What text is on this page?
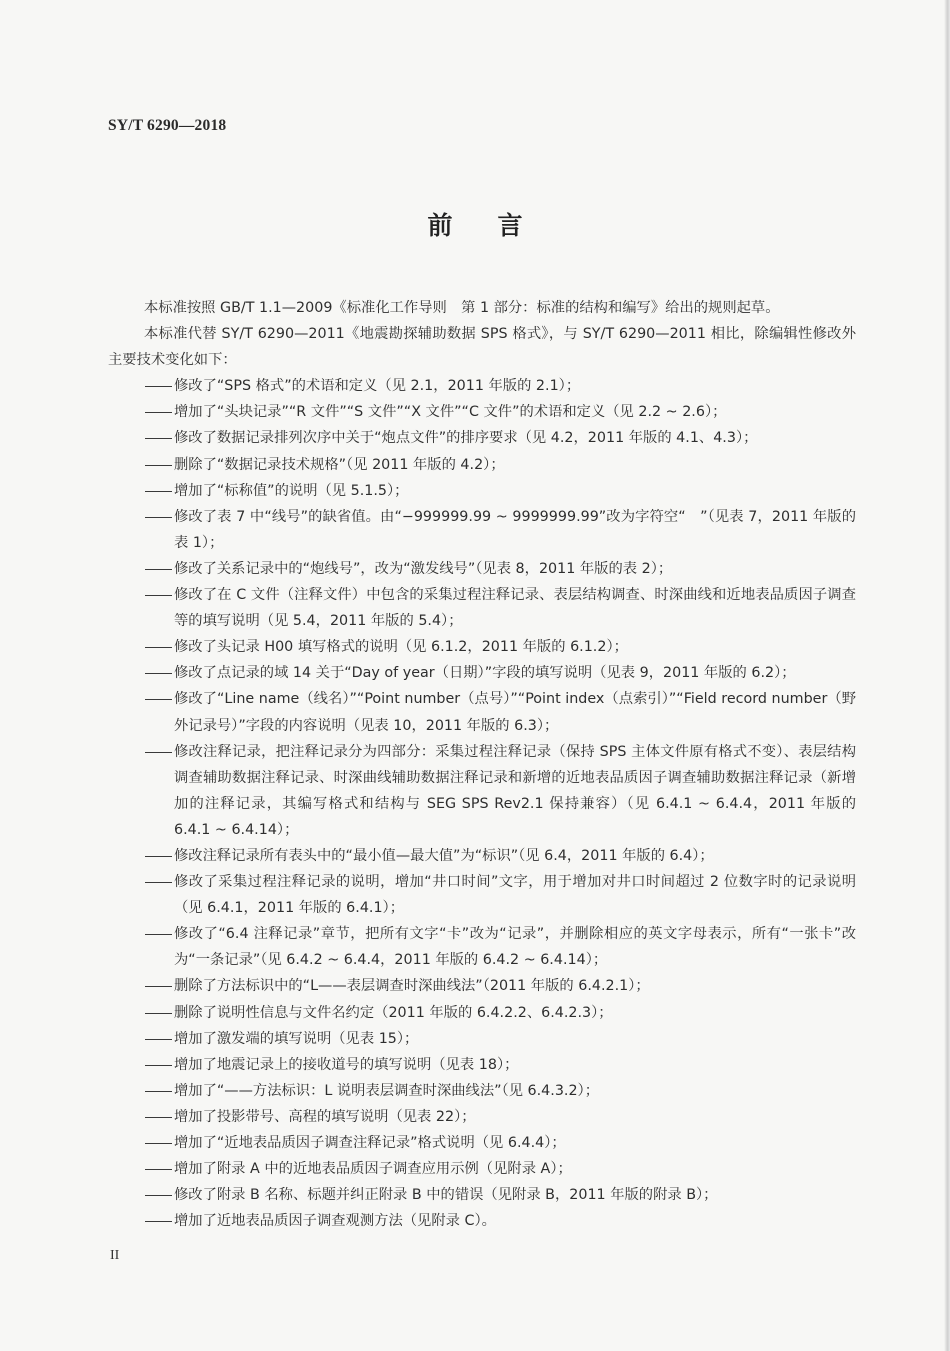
SY/T 6290—2018
前言
本标准按照 GB/T 1.1—2009《标准化工作导则　第 1 部分：标准的结构和编写》给出的规则起草。
本标准代替 SY/T 6290—2011《地震勘探辅助数据 SPS 格式》，与 SY/T 6290—2011 相比，除编辑性修改外主要技术变化如下：
修改了“SPS 格式”的术语和定义（见 2.1，2011 年版的 2.1）；
增加了“头块记录”“R 文件”“S 文件”“X 文件”“C 文件”的术语和定义（见 2.2 ~ 2.6）；
修改了数据记录排列次序中关于“炮点文件”的排序要求（见 4.2，2011 年版的 4.1、4.3）；
删除了“数据记录技术规格”（见 2011 年版的 4.2）；
增加了“标称值”的说明（见 5.1.5）；
修改了表 7 中“线号”的缺省值。由“−999999.99 ~ 9999999.99”改为字符空“　”（见表 7，2011 年版的表 1）；
修改了关系记录中的“炮线号”，改为“激发线号”（见表 8，2011 年版的表 2）；
修改了在 C 文件（注释文件）中包含的采集过程注释记录、表层结构调查、时深曲线和近地表品质因子调查等的填写说明（见 5.4，2011 年版的 5.4）；
修改了头记录 H00 填写格式的说明（见 6.1.2，2011 年版的 6.1.2）；
修改了点记录的域 14 关于“Day of year（日期）”字段的填写说明（见表 9，2011 年版的 6.2）；
修改了“Line name（线名）”“Point number（点号）”“Point index（点索引）”“Field record number（野外记录号）”字段的内容说明（见表 10，2011 年版的 6.3）；
修改注释记录，把注释记录分为四部分：采集过程注释记录（保持 SPS 主体文件原有格式不变）、表层结构调查辅助数据注释记录、时深曲线辅助数据注释记录和新增的近地表品质因子调查辅助数据注释记录（新增加的注释记录，其编写格式和结构与 SEG SPS Rev2.1 保持兼容）（见 6.4.1 ~ 6.4.4，2011 年版的 6.4.1 ~ 6.4.14）；
修改注释记录所有表头中的“最小值—最大值”为“标识”（见 6.4，2011 年版的 6.4）；
修改了采集过程注释记录的说明，增加“井口时间”文字，用于增加对井口时间超过 2 位数字时的记录说明（见 6.4.1，2011 年版的 6.4.1）；
修改了“6.4 注释记录”章节，把所有文字“卡”改为“记录”，并删除相应的英文字母表示，所有“一张卡”改为“一条记录”（见 6.4.2 ~ 6.4.4，2011 年版的 6.4.2 ~ 6.4.14）；
删除了方法标识中的“L——表层调查时深曲线法”（2011 年版的 6.4.2.1）；
删除了说明性信息与文件名约定（2011 年版的 6.4.2.2、6.4.2.3）；
增加了激发端的填写说明（见表 15）；
增加了地震记录上的接收道号的填写说明（见表 18）；
增加了“——方法标识：L 说明表层调查时深曲线法”（见 6.4.3.2）；
增加了投影带号、高程的填写说明（见表 22）；
增加了“近地表品质因子调查注释记录”格式说明（见 6.4.4）；
增加了附录 A 中的近地表品质因子调查应用示例（见附录 A）；
修改了附录 B 名称、标题并纠正附录 B 中的错误（见附录 B，2011 年版的附录 B）；
增加了近地表品质因子调查观测方法（见附录 C）。
II
